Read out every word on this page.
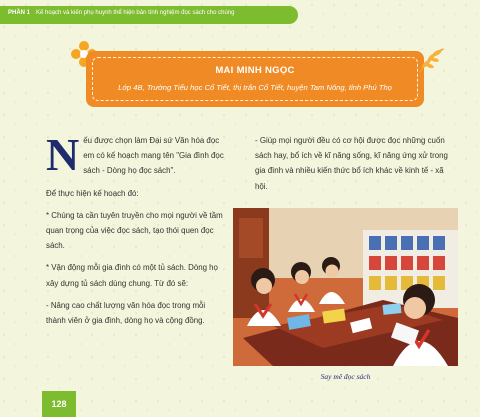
PHẦN 1 Kế hoạch và kiến phụ huynh thể hiện bản tính nghiệm đọc sách cho chúng
MAI MINH NGỌC
Lớp 4B, Trường Tiểu học Cổ Tiết, thị trấn Cổ Tiết, huyện Tam Nông, tỉnh Phú Thọ
N ếu được chọn làm Đại sứ Văn hóa đọc em có kế hoạch mang tên "Gia đình đọc sách - Dòng họ đọc sách".

Để thực hiện kế hoạch đó:

* Chúng ta cần tuyên truyền cho mọi người về tầm quan trọng của việc đọc sách, tạo thói quen đọc sách.

* Vận động mỗi gia đình có một tủ sách. Dòng họ xây dựng tủ sách dùng chung. Từ đó sẽ:

- Nâng cao chất lượng văn hóa đọc trong mỗi thành viên ở gia đình, dòng họ và cộng đồng.

- Giúp mọi người đều có cơ hội được đọc những cuốn sách hay, bổ ích về kĩ năng sống, kĩ năng ứng xử trong gia đình và nhiều kiến thức bổ ích khác về kinh tế - xã hội.

Say mê đọc sách
128
